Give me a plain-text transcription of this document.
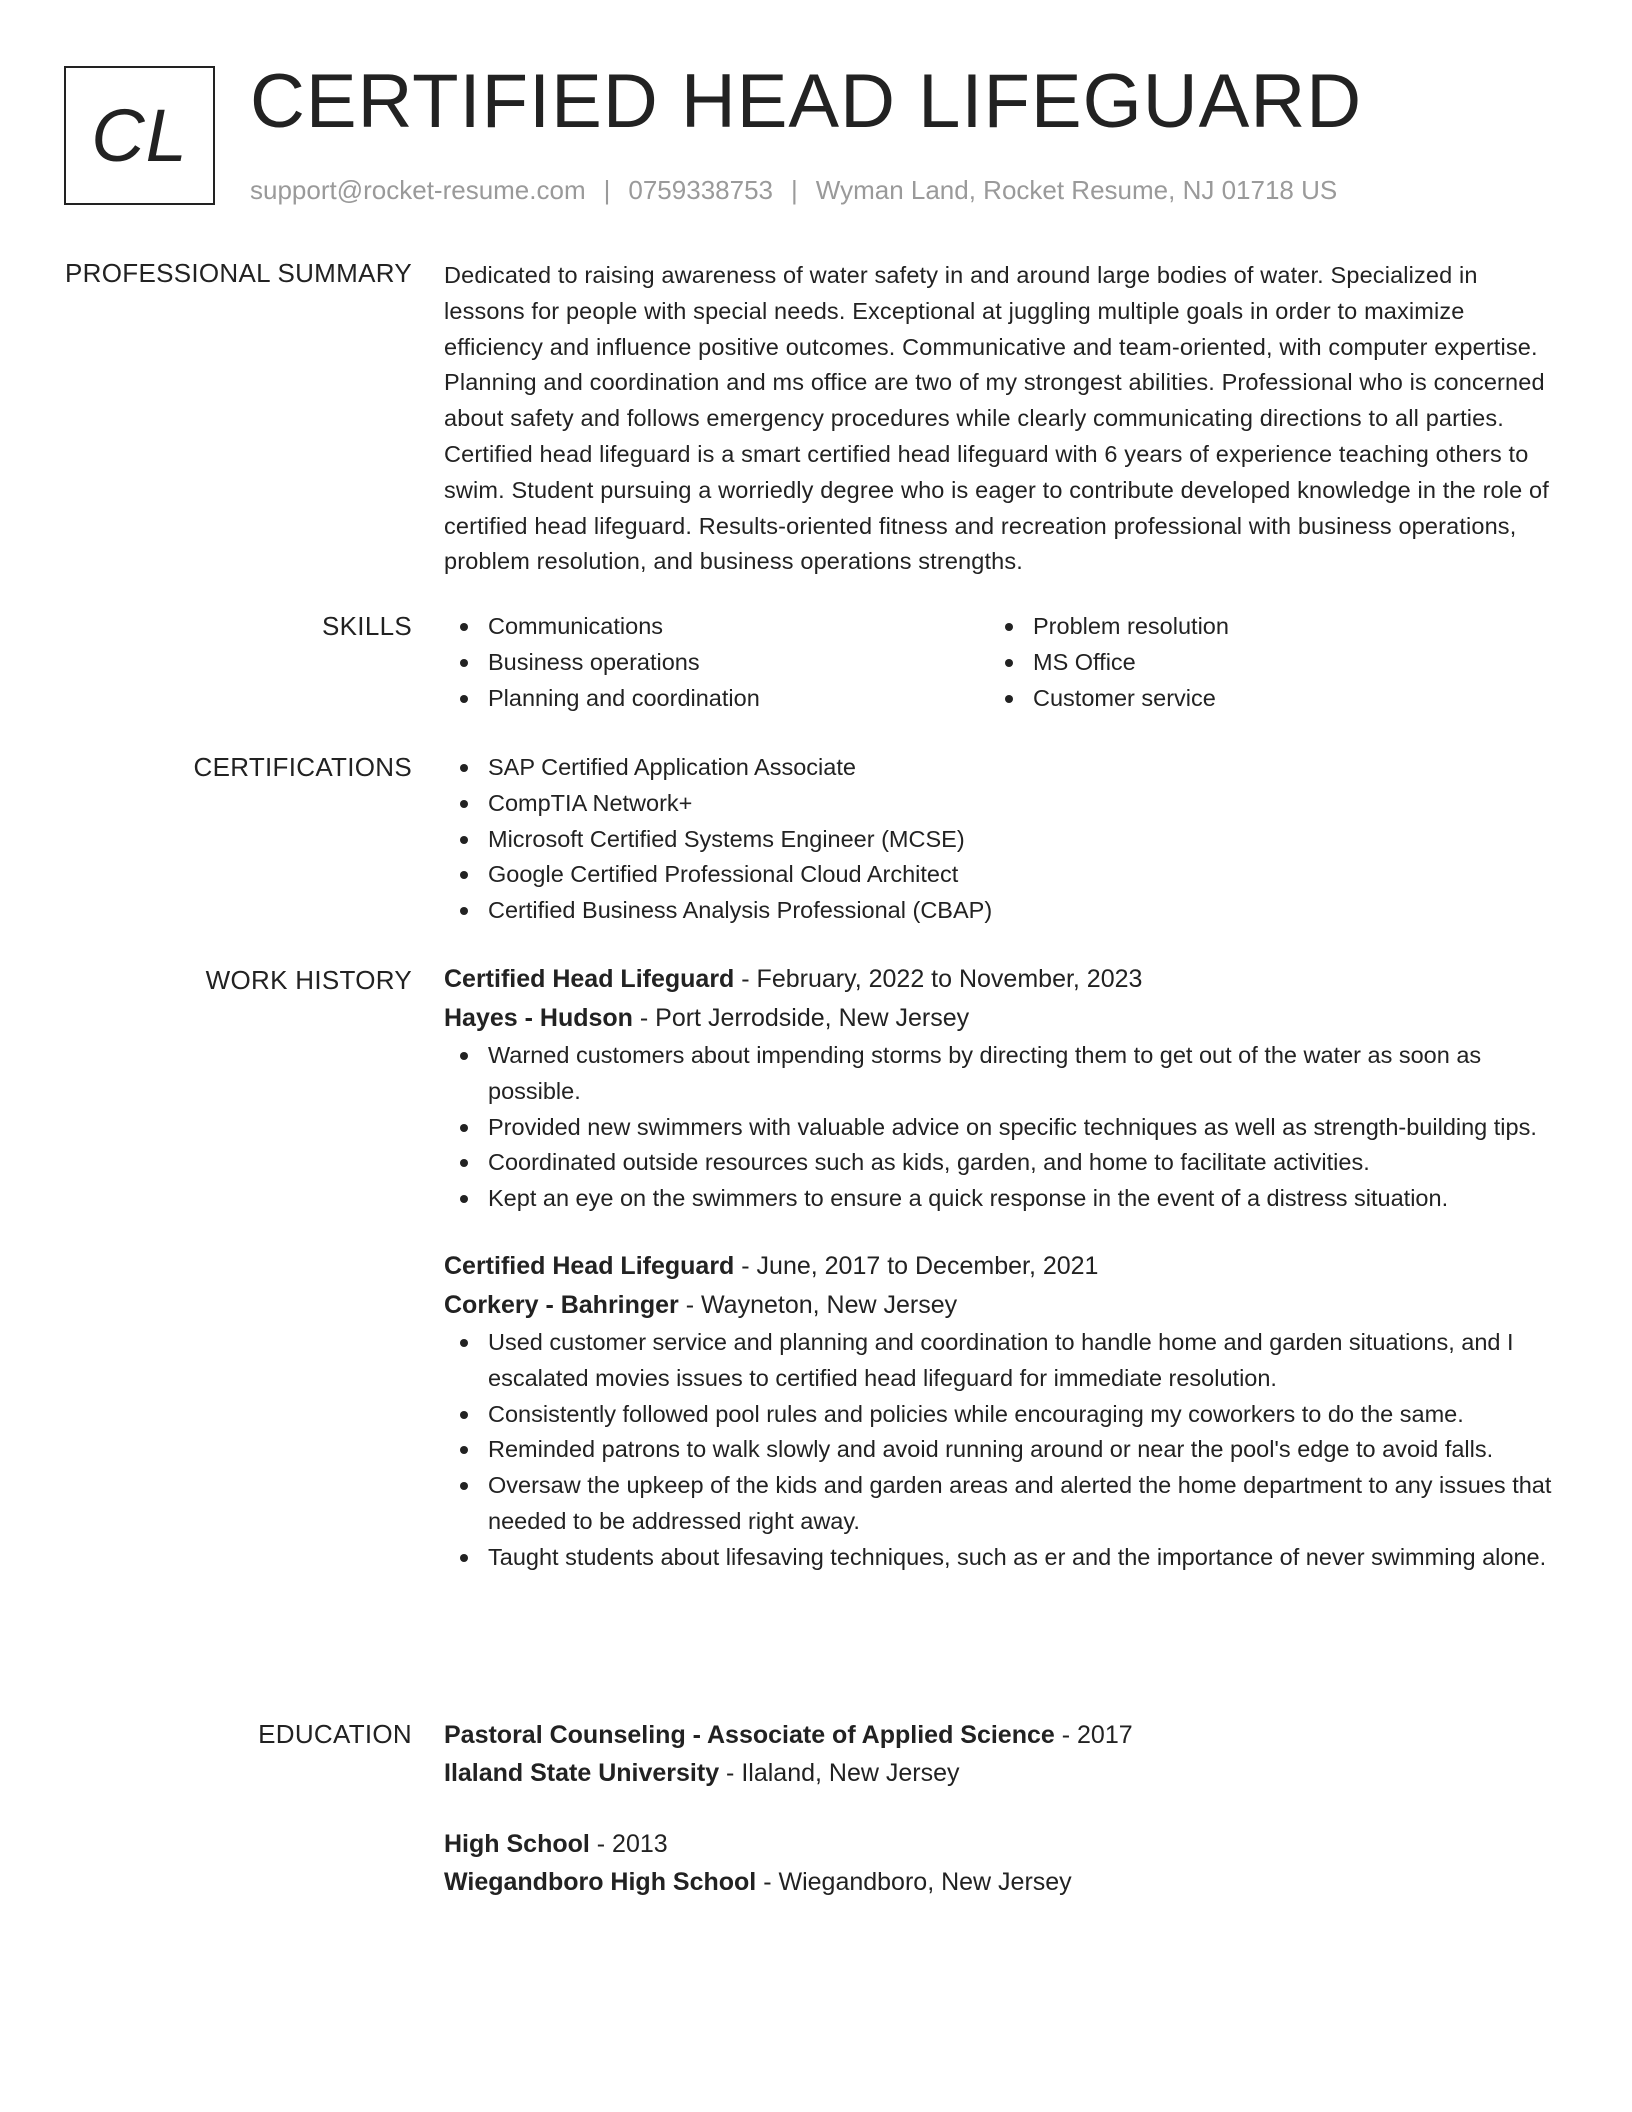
CL CERTIFIED HEAD LIFEGUARD
support@rocket-resume.com | 0759338753 | Wyman Land, Rocket Resume, NJ 01718 US
PROFESSIONAL SUMMARY Dedicated to raising awareness of water safety in and around large bodies of water. Specialized in lessons for people with special needs. Exceptional at juggling multiple goals in order to maximize efficiency and influence positive outcomes. Communicative and team-oriented, with computer expertise. Planning and coordination and ms office are two of my strongest abilities. Professional who is concerned about safety and follows emergency procedures while clearly communicating directions to all parties. Certified head lifeguard is a smart certified head lifeguard with 6 years of experience teaching others to swim. Student pursuing a worriedly degree who is eager to contribute developed knowledge in the role of certified head lifeguard. Results-oriented fitness and recreation professional with business operations, problem resolution, and business operations strengths.

SKILLS	Communications
Business operations
Planning and coordination
Problem resolution
MS Office
Customer service
CERTIFICATIONS	SAP Certified Application Associate
CompTIA Network+
Microsoft Certified Systems Engineer (MCSE)
Google Certified Professional Cloud Architect
Certified Business Analysis Professional (CBAP)
WORK HISTORY Certified Head Lifeguard - February, 2022 to November, 2023
Hayes - Hudson - Port Jerrodside, New Jersey
Warned customers about impending storms by directing them to get out of the water as soon as possible.
Provided new swimmers with valuable advice on specific techniques as well as strength-building tips.
Coordinated outside resources such as kids, garden, and home to facilitate activities.
Kept an eye on the swimmers to ensure a quick response in the event of a distress situation.
Certified Head Lifeguard - June, 2017 to December, 2021
Corkery - Bahringer - Wayneton, New Jersey
Used customer service and planning and coordination to handle home and garden situations, and I escalated movies issues to certified head lifeguard for immediate resolution.
Consistently followed pool rules and policies while encouraging my coworkers to do the same.
Reminded patrons to walk slowly and avoid running around or near the pool's edge to avoid falls.
Oversaw the upkeep of the kids and garden areas and alerted the home department to any issues that needed to be addressed right away.
Taught students about lifesaving techniques, such as er and the importance of never swimming alone.
EDUCATION Pastoral Counseling - Associate of Applied Science - 2017
Ilaland State University - Ilaland, New Jersey
High School - 2013
Wiegandboro High School - Wiegandboro, New Jersey
